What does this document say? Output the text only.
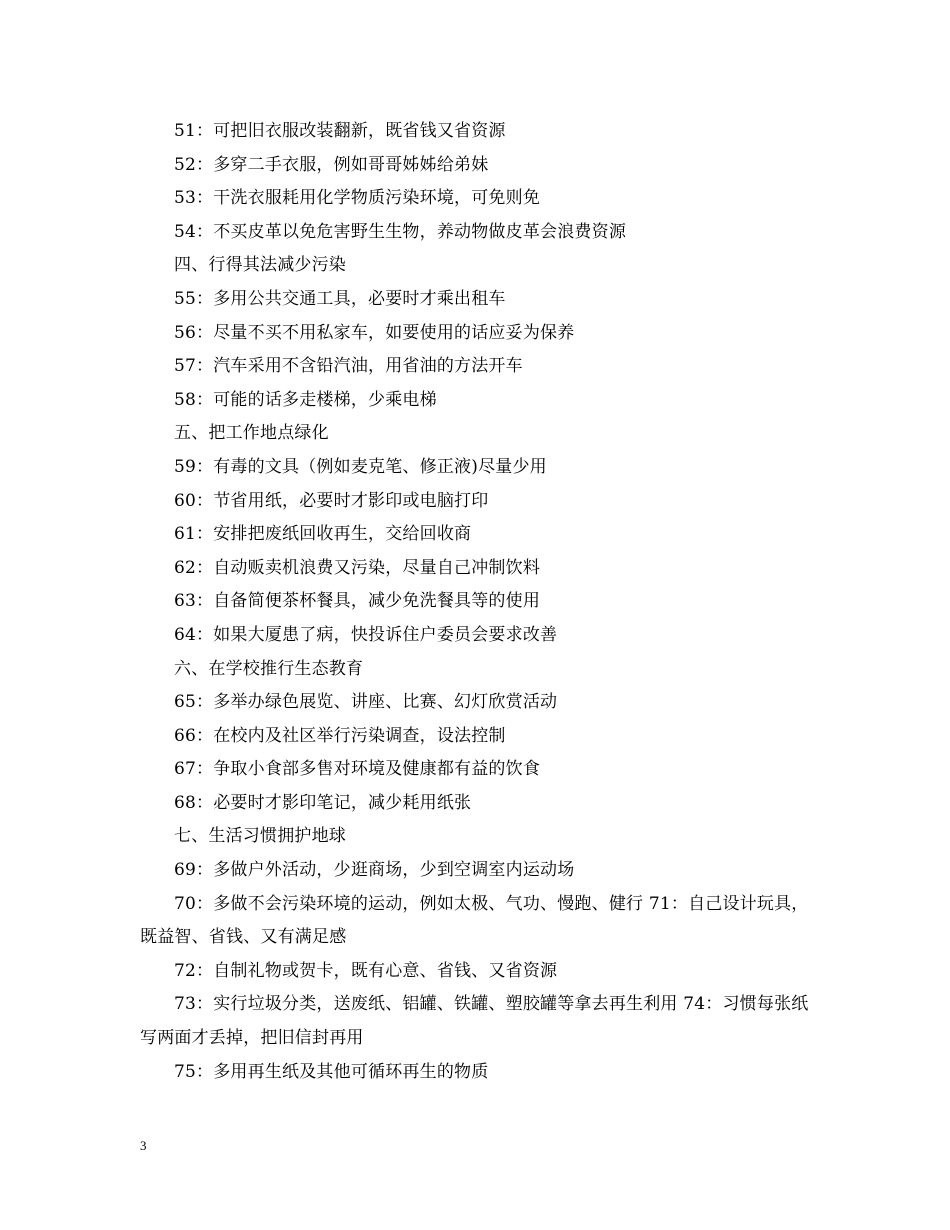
51：可把旧衣服改装翻新，既省钱又省资源

52：多穿二手衣服，例如哥哥姊姊给弟妹

53：干洗衣服耗用化学物质污染环境，可免则免

54：不买皮革以免危害野生生物，养动物做皮革会浪费资源

四、行得其法减少污染

55：多用公共交通工具，必要时才乘出租车

56：尽量不买不用私家车，如要使用的话应妥为保养

57：汽车采用不含铅汽油，用省油的方法开车

58：可能的话多走楼梯，少乘电梯

五、把工作地点绿化

59：有毒的文具（例如麦克笔、修正液)尽量少用

60：节省用纸，必要时才影印或电脑打印

61：安排把废纸回收再生，交给回收商

62：自动贩卖机浪费又污染，尽量自己冲制饮料

63：自备简便茶杯餐具，减少免洗餐具等的使用

64：如果大厦患了病，快投诉住户委员会要求改善

六、在学校推行生态教育

65：多举办绿色展览、讲座、比赛、幻灯欣赏活动

66：在校内及社区举行污染调查，设法控制

67：争取小食部多售对环境及健康都有益的饮食

68：必要时才影印笔记，减少耗用纸张

七、生活习惯拥护地球

69：多做户外活动，少逛商场，少到空调室内运动场

70：多做不会污染环境的运动，例如太极、气功、慢跑、健行 71：自己设计玩具，既益智、省钱、又有满足感

72：自制礼物或贺卡，既有心意、省钱、又省资源

73：实行垃圾分类，送废纸、铝罐、铁罐、塑胶罐等拿去再生利用 74：习惯每张纸写两面才丢掉，把旧信封再用

75：多用再生纸及其他可循环再生的物质

3
